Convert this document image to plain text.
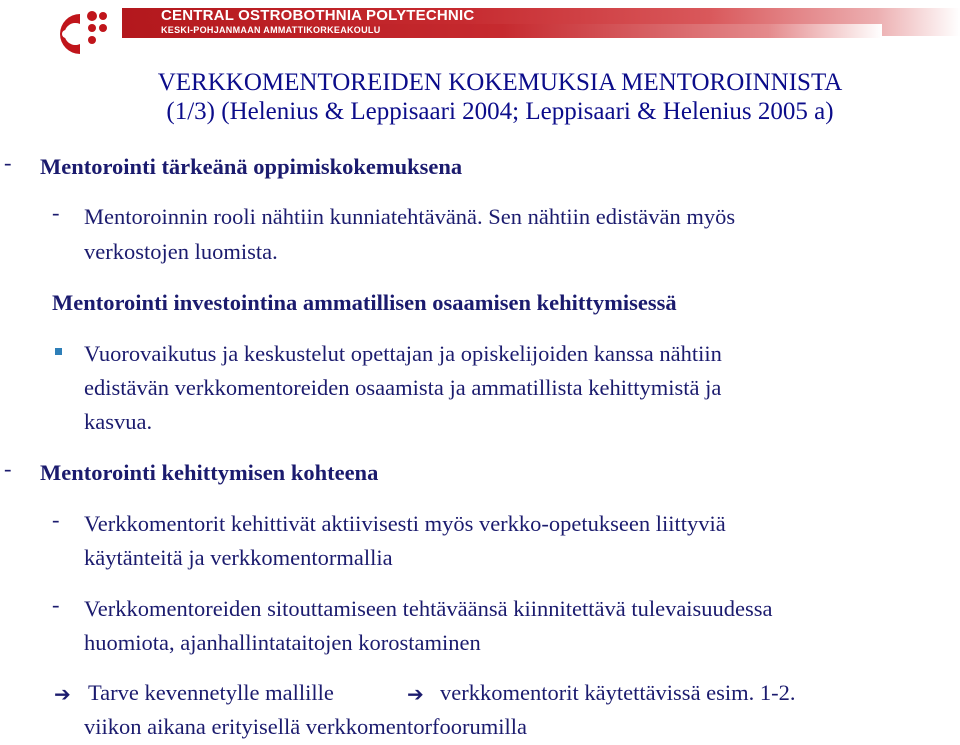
CENTRAL OSTROBOTHNIA POLYTECHNIC
KESKI-POHJANMAAN AMMATTIKORKEAKOULU
VERKKOMENTOREIDEN KOKEMUKSIA MENTOROINNISTA
(1/3) (Helenius & Leppisaari 2004; Leppisaari & Helenius 2005 a)
- Mentorointi tärkeänä oppimiskokemuksena
- Mentoroinnin rooli nähtiin kunniatehtävänä. Sen nähtiin edistävän myös
verkostojen luomista.
Mentorointi investointina ammatillisen osaamisen kehittymisessä
Vuorovaikutus ja keskustelut opettajan ja opiskelijoiden kanssa nähtiin
edistävän verkkomentoreiden osaamista ja ammatillista kehittymistä ja
kasvua.
- Mentorointi kehittymisen kohteena
- Verkkomentorit kehittivät aktiivisesti myös verkko-opetukseen liittyviä
käytänteitä ja verkkomentormallia
- Verkkomentoreiden sitouttamiseen tehtäväänsä kiinnitettävä tulevaisuudessa
huomiota, ajanhallintataitojen korostaminen
➔ Tarve kevennetylle mallille	➔ verkkomentorit käytettävissä esim. 1-2.
viikon aikana erityisellä verkkomentorfoorumilla
